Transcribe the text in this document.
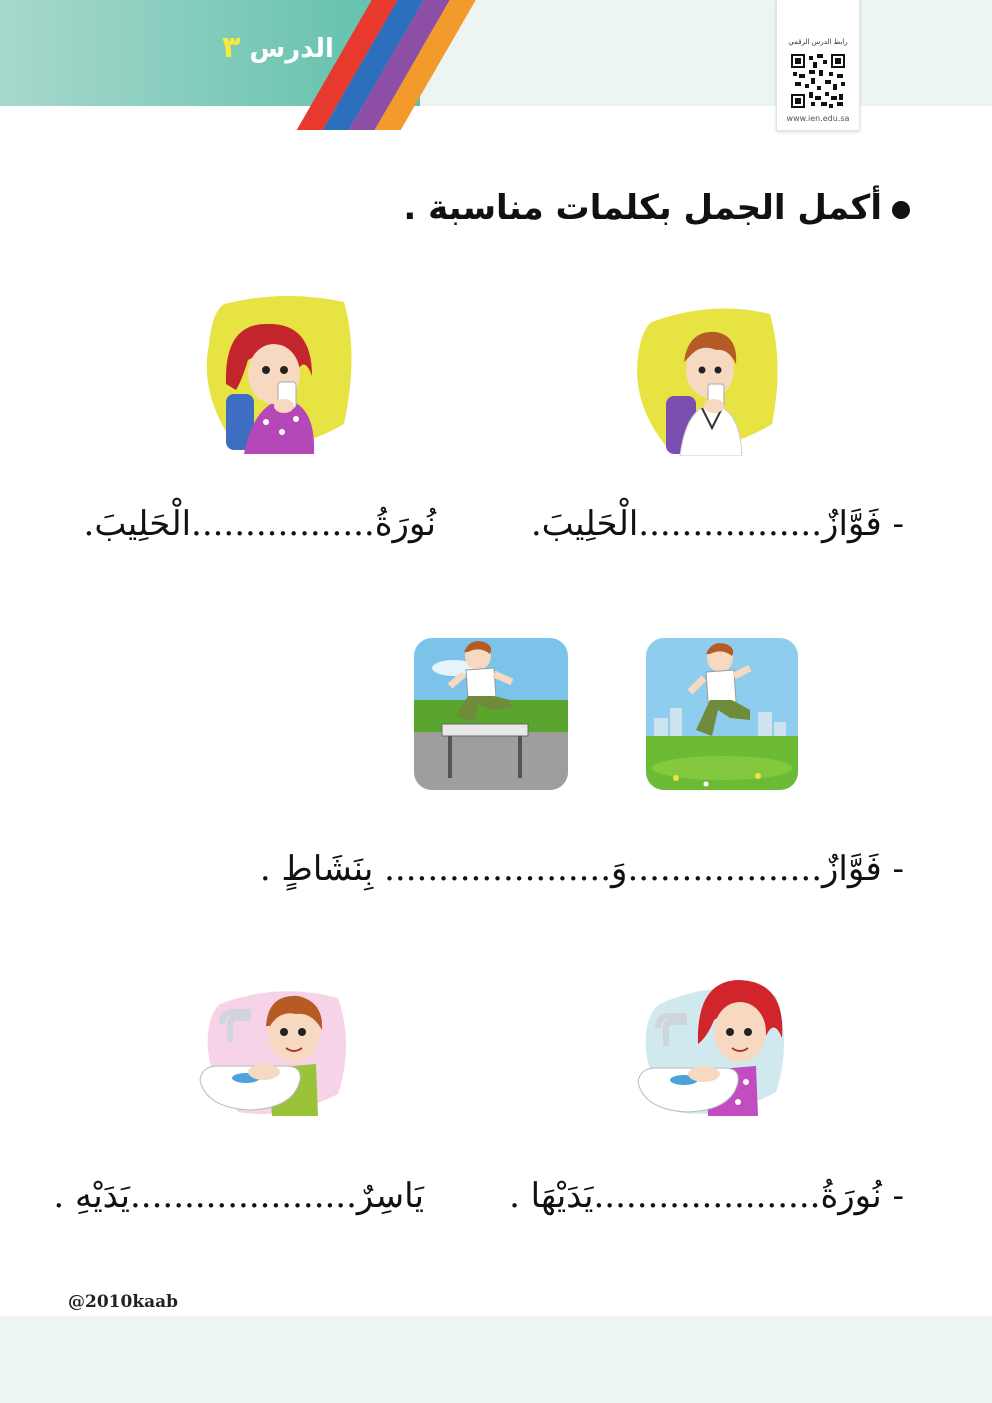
الدرس ٣	رابط الدرس الرقمي
www.ien.edu.sa
أكمل الجمل بكلمات مناسبة .
- فَوَّازٌ.................الْحَلِيبَ.
نُورَةُ.................الْحَلِيبَ.
- فَوَّازٌ..................وَ..................... بِنَشَاطٍ .
- نُورَةُ.....................يَدَيْهَا .
يَاسِرٌ.....................يَدَيْهِ .
@2010kaab
